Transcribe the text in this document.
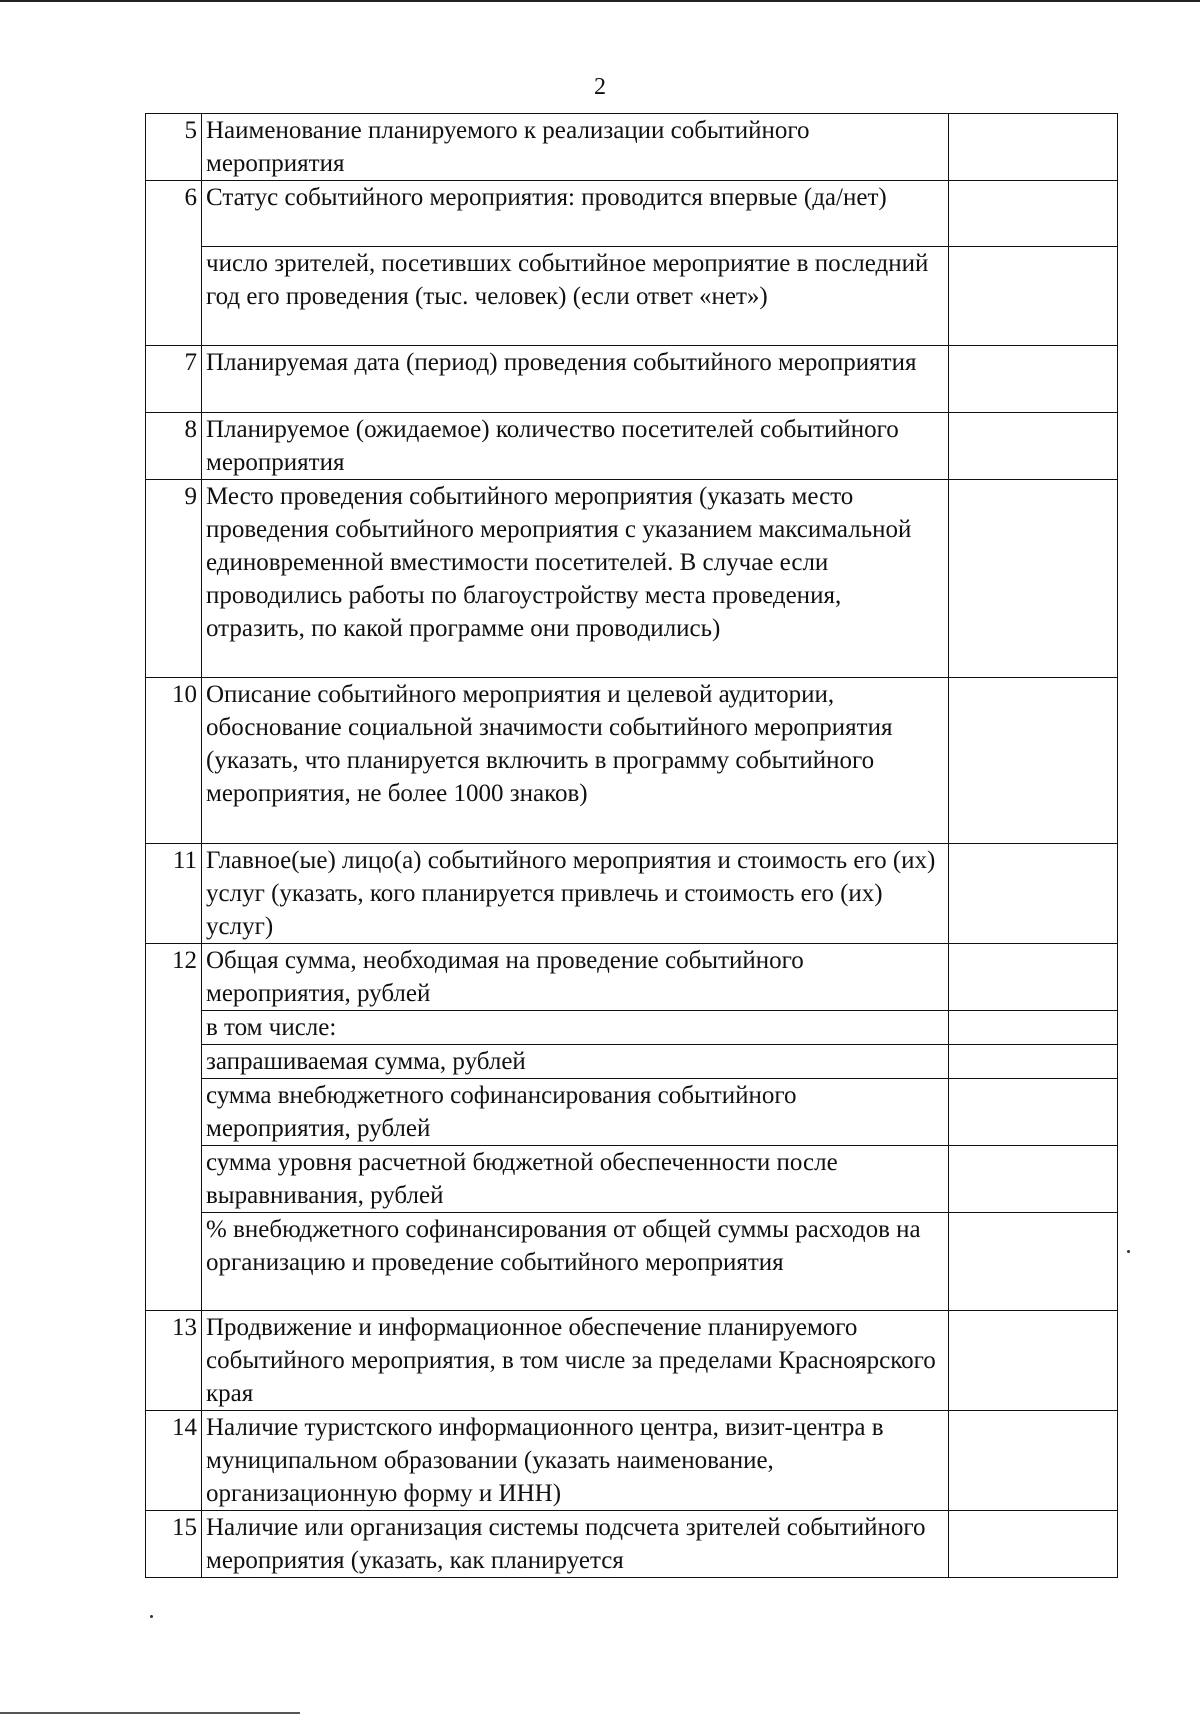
2
5	Наименование планируемого к реализации событийного мероприятия	
6	Статус событийного мероприятия: проводится впервые (да/нет)	
	число зрителей, посетивших событийное мероприятие в последний год его проведения (тыс. человек) (если ответ «нет»)	
7	Планируемая дата (период) проведения событийного мероприятия	
8	Планируемое (ожидаемое) количество посетителей событийного мероприятия	
9	Место проведения событийного мероприятия (указать место проведения событийного мероприятия с указанием максимальной единовременной вместимости посетителей. В случае если проводились работы по благоустройству места проведения, отразить, по какой программе они проводились)	
10	Описание событийного мероприятия и целевой аудитории, обоснование социальной значимости событийного мероприятия (указать, что планируется включить в программу событийного мероприятия, не более 1000 знаков)	
11	Главное(ые) лицо(а) событийного мероприятия и стоимость его (их) услуг (указать, кого планируется привлечь и стоимость его (их) услуг)	
12	Общая сумма, необходимая на проведение событийного мероприятия, рублей	
	в том числе:	
	запрашиваемая сумма, рублей	
	сумма внебюджетного софинансирования событийного мероприятия, рублей	
	сумма уровня расчетной бюджетной обеспеченности после выравнивания, рублей	
	% внебюджетного софинансирования от общей суммы расходов на организацию и проведение событийного мероприятия	
13	Продвижение и информационное обеспечение планируемого событийного мероприятия, в том числе за пределами Красноярского края	
14	Наличие туристского информационного центра, визит-центра в муниципальном образовании (указать наименование, организационную форму и ИНН)	
15	Наличие или организация системы подсчета зрителей событийного мероприятия (указать, как планируется	
